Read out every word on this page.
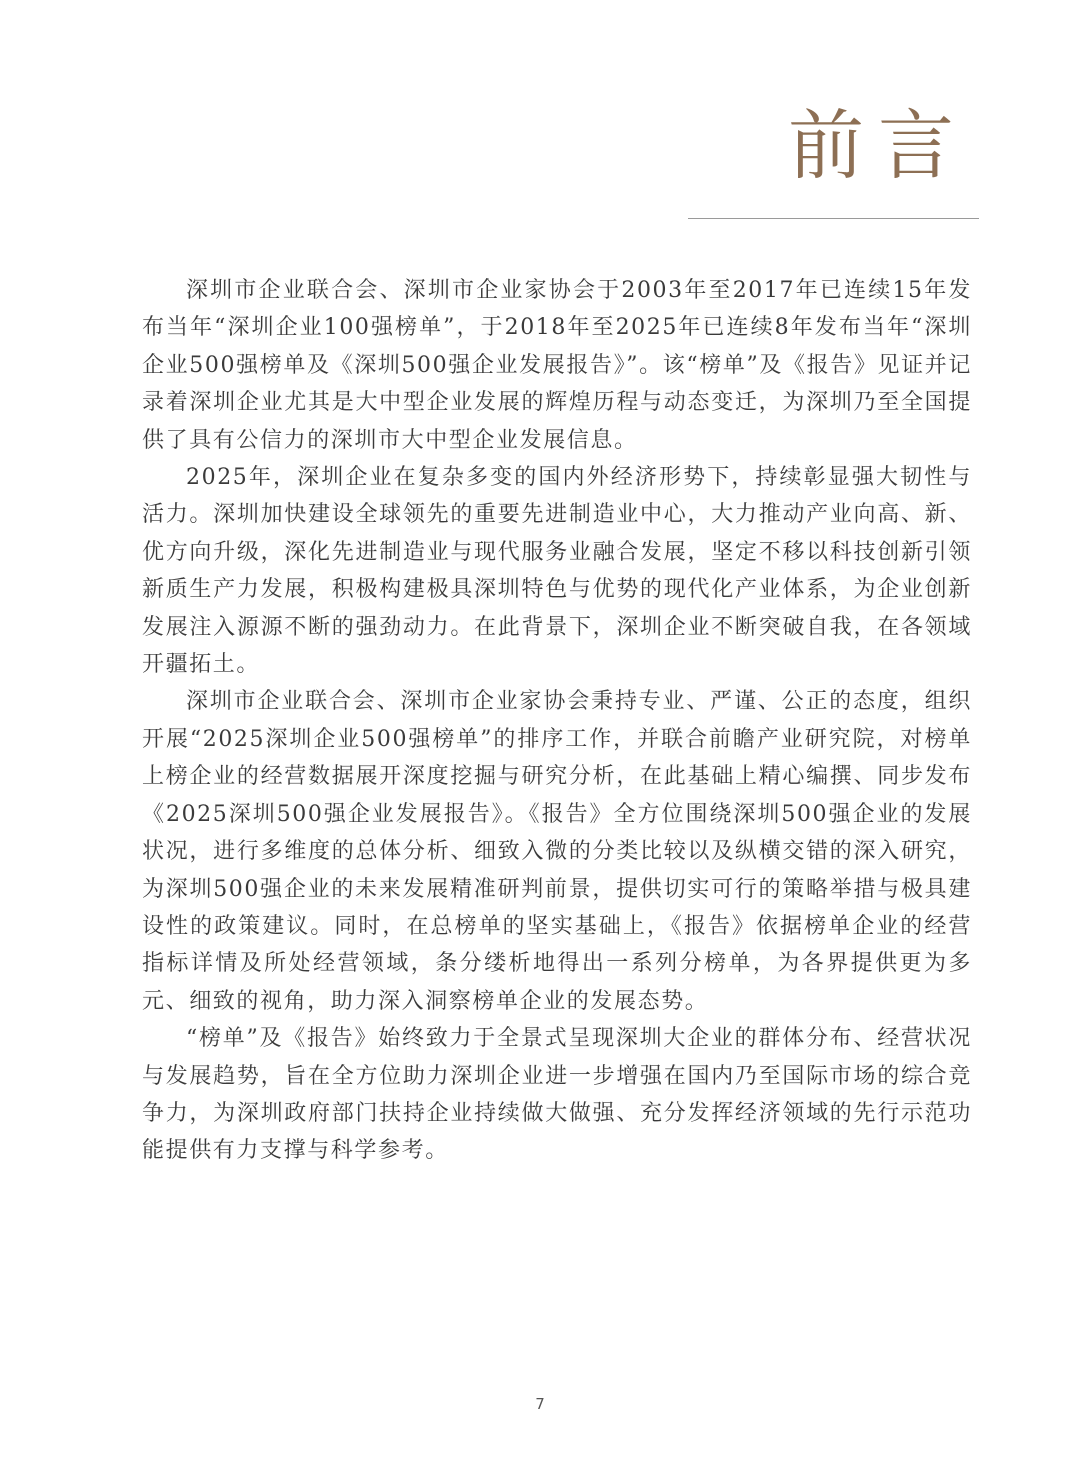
前言

深圳市企业联合会、深圳市企业家协会于2003年至2017年已连续15年发布当年“深圳企业100强榜单”，于2018年至2025年已连续8年发布当年“深圳企业500强榜单及《深圳500强企业发展报告》”。该“榜单”及《报告》见证并记录着深圳企业尤其是大中型企业发展的辉煌历程与动态变迁，为深圳乃至全国提供了具有公信力的深圳市大中型企业发展信息。

2025年，深圳企业在复杂多变的国内外经济形势下，持续彰显强大韧性与活力。深圳加快建设全球领先的重要先进制造业中心，大力推动产业向高、新、优方向升级，深化先进制造业与现代服务业融合发展，坚定不移以科技创新引领新质生产力发展，积极构建极具深圳特色与优势的现代化产业体系，为企业创新发展注入源源不断的强劲动力。在此背景下，深圳企业不断突破自我，在各领域开疆拓土。

深圳市企业联合会、深圳市企业家协会秉持专业、严谨、公正的态度，组织开展“2025深圳企业500强榜单”的排序工作，并联合前瞻产业研究院，对榜单上榜企业的经营数据展开深度挖掘与研究分析，在此基础上精心编撰、同步发布《2025深圳500强企业发展报告》。《报告》全方位围绕深圳500强企业的发展状况，进行多维度的总体分析、细致入微的分类比较以及纵横交错的深入研究，为深圳500强企业的未来发展精准研判前景，提供切实可行的策略举措与极具建设性的政策建议。同时，在总榜单的坚实基础上，《报告》依据榜单企业的经营指标详情及所处经营领域，条分缕析地得出一系列分榜单，为各界提供更为多元、细致的视角，助力深入洞察榜单企业的发展态势。

“榜单”及《报告》始终致力于全景式呈现深圳大企业的群体分布、经营状况与发展趋势，旨在全方位助力深圳企业进一步增强在国内乃至国际市场的综合竞争力，为深圳政府部门扶持企业持续做大做强、充分发挥经济领域的先行示范功能提供有力支撑与科学参考。

7
